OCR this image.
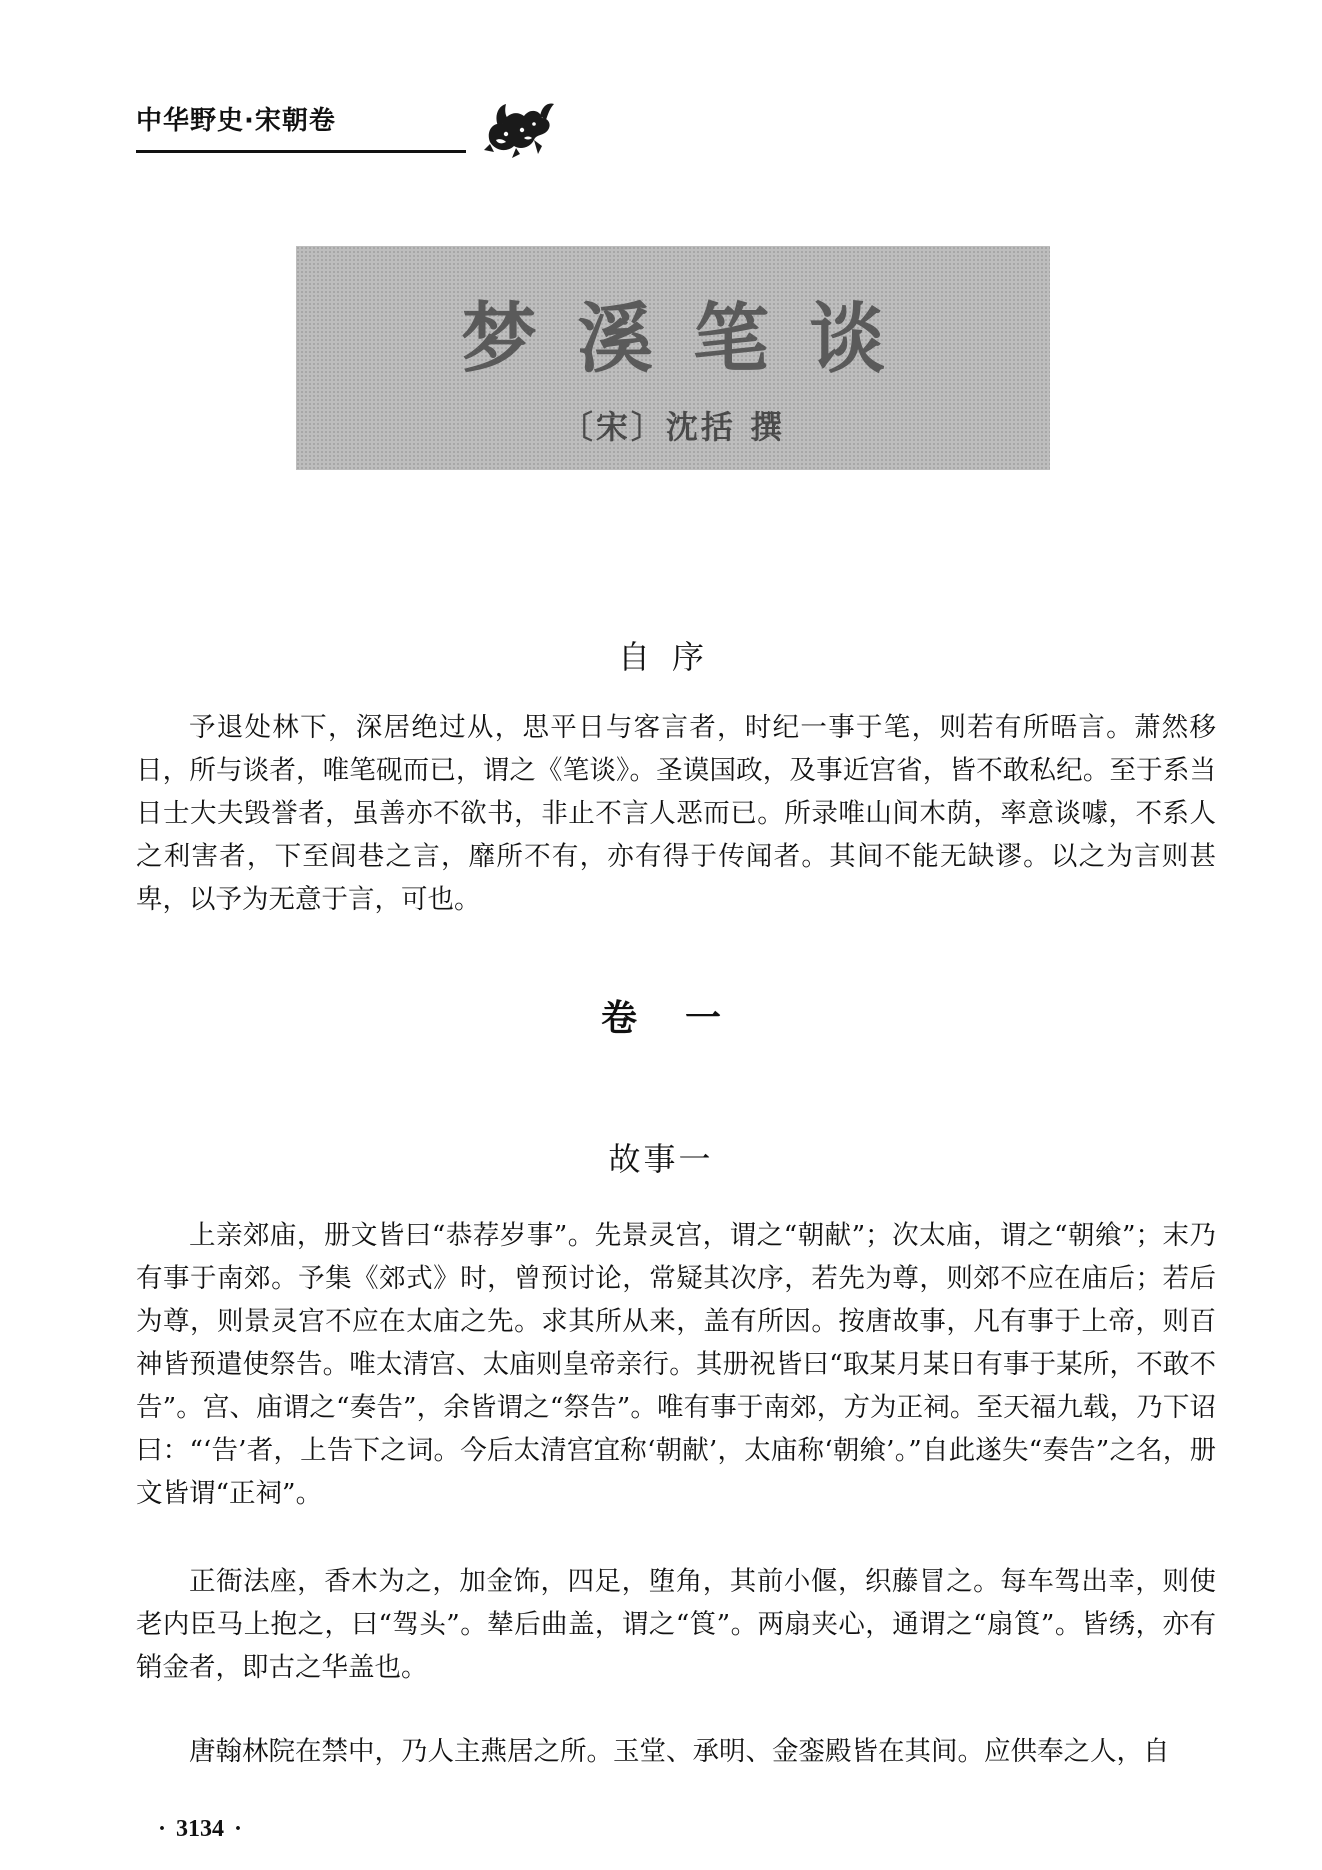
中华野史·宋朝卷
梦溪笔谈
〔宋〕沈括 撰
自序

予退处林下，深居绝过从，思平日与客言者，时纪一事于笔，则若有所晤言。萧然移日，所与谈者，唯笔砚而已，谓之《笔谈》。圣谟国政，及事近宫省，皆不敢私纪。至于系当日士大夫毁誉者，虽善亦不欲书，非止不言人恶而已。所录唯山间木荫，率意谈噱，不系人之利害者，下至闾巷之言，靡所不有，亦有得于传闻者。其间不能无缺谬。以之为言则甚卑，以予为无意于言，可也。

卷一
故事一

上亲郊庙，册文皆曰“恭荐岁事”。先景灵宫，谓之“朝献”；次太庙，谓之“朝飨”；末乃有事于南郊。予集《郊式》时，曾预讨论，常疑其次序，若先为尊，则郊不应在庙后；若后为尊，则景灵宫不应在太庙之先。求其所从来，盖有所因。按唐故事，凡有事于上帝，则百神皆预遣使祭告。唯太清宫、太庙则皇帝亲行。其册祝皆曰“取某月某日有事于某所，不敢不告”。宫、庙谓之“奏告”，余皆谓之“祭告”。唯有事于南郊，方为正祠。至天福九载，乃下诏曰：“‘告’者，上告下之词。今后太清宫宜称‘朝献’，太庙称‘朝飨’。”自此遂失“奏告”之名，册文皆谓“正祠”。

正衙法座，香木为之，加金饰，四足，堕角，其前小偃，织藤冒之。每车驾出幸，则使老内臣马上抱之，曰“驾头”。辇后曲盖，谓之“筤”。两扇夹心，通谓之“扇筤”。皆绣，亦有销金者，即古之华盖也。

唐翰林院在禁中，乃人主燕居之所。玉堂、承明、金銮殿皆在其间。应供奉之人，自

· 3134 ·
